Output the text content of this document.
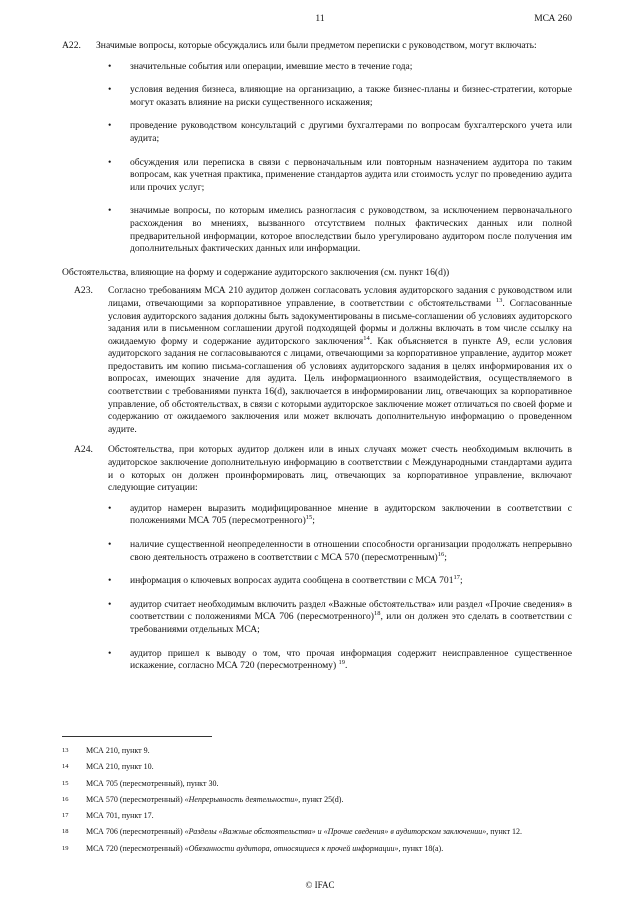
11	МСА 260
A22.	Значимые вопросы, которые обсуждались или были предметом переписки с руководством, могут включать:
•	значительные события или операции, имевшие место в течение года;
•	условия ведения бизнеса, влияющие на организацию, а также бизнес-планы и бизнес-стратегии, которые могут оказать влияние на риски существенного искажения;
•	проведение руководством консультаций с другими бухгалтерами по вопросам бухгалтерского учета или аудита;
•	обсуждения или переписка в связи с первоначальным или повторным назначением аудитора по таким вопросам, как учетная практика, применение стандартов аудита или стоимость услуг по проведению аудита или прочих услуг;
•	значимые вопросы, по которым имелись разногласия с руководством, за исключением первоначального расхождения во мнениях, вызванного отсутствием полных фактических данных или полной предварительной информации, которое впоследствии было урегулировано аудитором после получения им дополнительных фактических данных или информации.
Обстоятельства, влияющие на форму и содержание аудиторского заключения (см. пункт 16(d))
A23.	Согласно требованиям МСА 210 аудитор должен согласовать условия аудиторского задания с руководством или лицами, отвечающими за корпоративное управление, в соответствии с обстоятельствами $^{13}$. Согласованные условия аудиторского задания должны быть задокументированы в письме-соглашении об условиях аудиторского задания или в письменном соглашении другой подходящей формы и должны включать в том числе ссылку на ожидаемую форму и содержание аудиторского заключения$^{14}$. Как объясняется в пункте A9, если условия аудиторского задания не согласовываются с лицами, отвечающими за корпоративное управление, аудитор может предоставить им копию письма-соглашения об условиях аудиторского задания в целях информирования их о вопросах, имеющих значение для аудита. Цель информационного взаимодействия, осуществляемого в соответствии с требованиями пункта 16(d), заключается в информировании лиц, отвечающих за корпоративное управление, об обстоятельствах, в связи с которыми аудиторское заключение может отличаться по своей форме и содержанию от ожидаемого заключения или может включать дополнительную информацию о проведенном аудите.
A24.	Обстоятельства, при которых аудитор должен или в иных случаях может счесть необходимым включить в аудиторское заключение дополнительную информацию в соответствии с Международными стандартами аудита и о которых он должен проинформировать лиц, отвечающих за корпоративное управление, включают следующие ситуации:
•	аудитор намерен выразить модифицированное мнение в аудиторском заключении в соответствии с положениями МСА 705 (пересмотренного)$^{15}$;
•	наличие существенной неопределенности в отношении способности организации продолжать непрерывно свою деятельность отражено в соответствии с МСА 570 (пересмотренным)$^{16}$;
•	информация о ключевых вопросах аудита сообщена в соответствии с МСА $701^{17}$;
•	аудитор считает необходимым включить раздел «Важные обстоятельства» или раздел «Прочие сведения» в соответствии с положениями МСА 706 (пересмотренного)$^{18}$, или он должен это сделать в соответствии с требованиями отдельных МСА;
•	аудитор пришел к выводу о том, что прочая информация содержит неисправленное существенное искажение, согласно МСА 720 (пересмотренному) $^{19}$.
13	МСА 210, пункт 9.
14	МСА 210, пункт 10.
15	МСА 705 (пересмотренный), пункт 30.
16	МСА 570 (пересмотренный) «Непрерывность деятельности», пункт 25(d).
17	МСА 701, пункт 17.
18	МСА 706 (пересмотренный) «Разделы «Важные обстоятельства» и «Прочие сведения» в аудиторском заключении», пункт 12.
19	МСА 720 (пересмотренный) «Обязанности аудитора, относящиеся к прочей информации», пункт 18(a).
© IFAC
